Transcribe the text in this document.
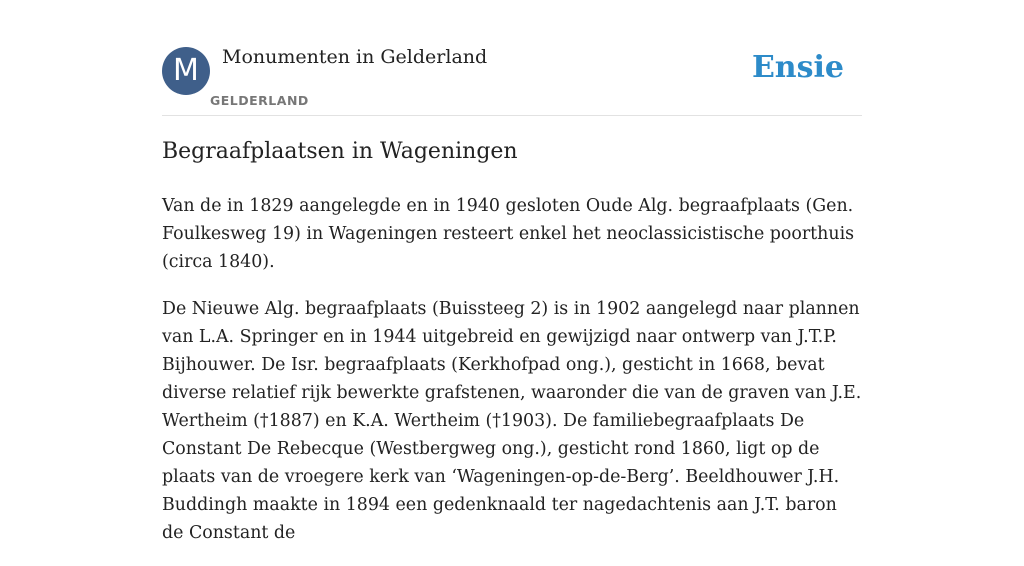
M	Monumenten in Gelderland
GELDERLAND
Ensie
Begraafplaatsen in Wageningen

Van de in 1829 aangelegde en in 1940 gesloten Oude Alg. begraafplaats (Gen. Foulkesweg 19) in Wageningen resteert enkel het neoclassicistische poorthuis (circa 1840).

De Nieuwe Alg. begraafplaats (Buissteeg 2) is in 1902 aangelegd naar plannen van L.A. Springer en in 1944 uitgebreid en gewijzigd naar ontwerp van J.T.P. Bijhouwer. De Isr. begraafplaats (Kerkhofpad ong.), gesticht in 1668, bevat diverse relatief rijk bewerkte grafstenen, waaronder die van de graven van J.E. Wertheim (†1887) en K.A. Wertheim (†1903). De familiebegraafplaats De Constant De Rebecque (Westbergweg ong.), gesticht rond 1860, ligt op de plaats van de vroegere kerk van ‘Wageningen-op-de-Berg’. Beeldhouwer J.H. Buddingh maakte in 1894 een gedenknaald ter nagedachtenis aan J.T. baron de Constant de
